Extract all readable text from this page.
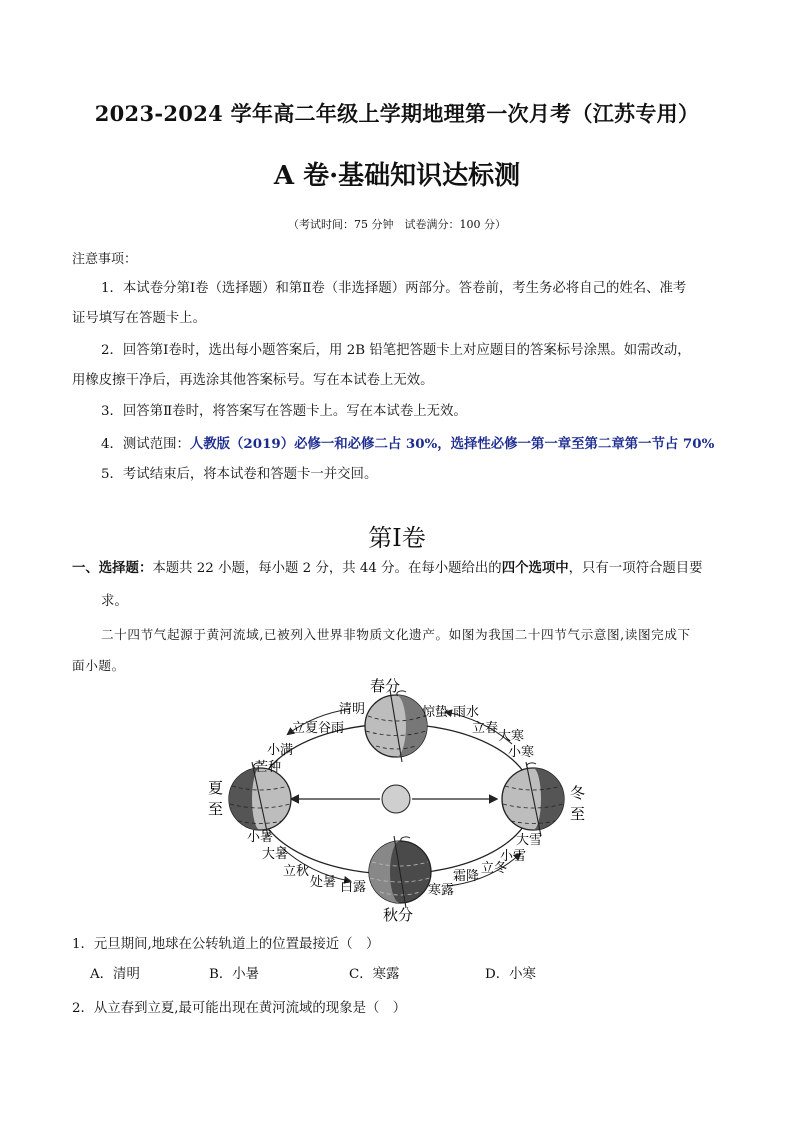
2023-2024 学年高二年级上学期地理第一次月考（江苏专用）
A 卷·基础知识达标测
（考试时间：75 分钟　试卷满分：100 分）
注意事项：
1．本试卷分第Ⅰ卷（选择题）和第Ⅱ卷（非选择题）两部分。答卷前，考生务必将自己的姓名、准考
证号填写在答题卡上。
2．回答第Ⅰ卷时，选出每小题答案后，用 2B 铅笔把答题卡上对应题目的答案标号涂黑。如需改动，
用橡皮擦干净后，再选涂其他答案标号。写在本试卷上无效。
3．回答第Ⅱ卷时，将答案写在答题卡上。写在本试卷上无效。
4．测试范围：人教版（2019）必修一和必修二占 30%，选择性必修一第一章至第二章第一节占 70%
5．考试结束后，将本试卷和答题卡一并交回。
第Ⅰ卷
一、选择题：本题共 22 小题，每小题 2 分，共 44 分。在每小题给出的四个选项中，只有一项符合题目要
求。
二十四节气起源于黄河流域,已被列入世界非物质文化遗产。如图为我国二十四节气示意图,读图完成下
面小题。
春分
清明	惊蛰 雨水
立春
大寒
小寒
立夏谷雨
小满
芒种
夏
至
冬
至
小暑
大暑
立秋
处暑 白露	寒露
霜降
立冬
小雪
大雪
秋分
1．元旦期间,地球在公转轨道上的位置最接近（　）
A．清明	B．小暑	C．寒露	D．小寒
2．从立春到立夏,最可能出现在黄河流域的现象是（　）
